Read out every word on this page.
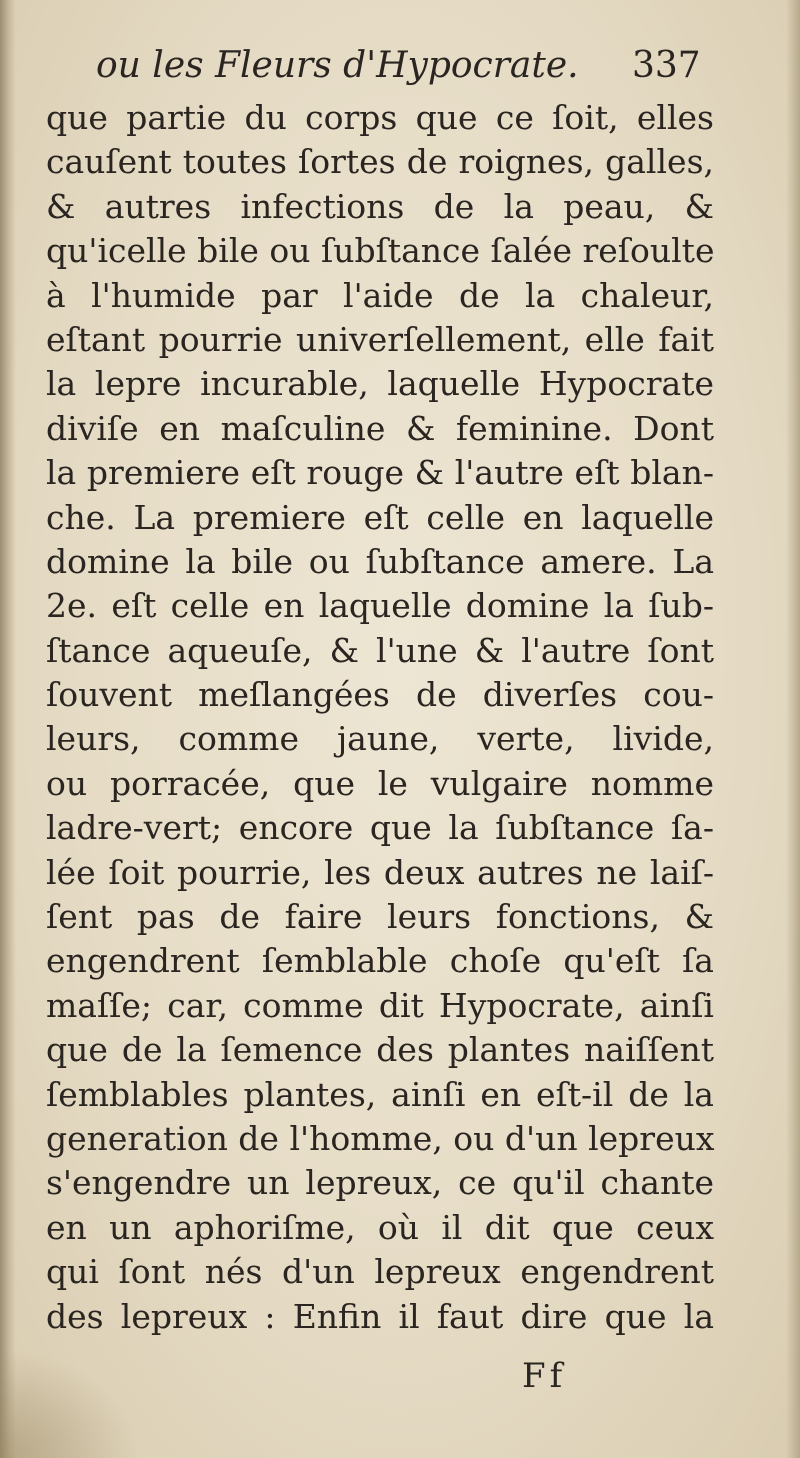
ou les Fleurs d'Hypocrate. 337
que partie du corps que ce ſoit, elles
cauſent toutes ſortes de roignes, galles,
& autres infections de la peau, &
qu'icelle bile ou ſubſtance ſalée reſoulte
à l'humide par l'aide de la chaleur,
eſtant pourrie univerſellement, elle fait
la lepre incurable, laquelle Hypocrate
diviſe en maſculine & feminine. Dont
la premiere eſt rouge & l'autre eſt blan-
che. La premiere eſt celle en laquelle
domine la bile ou ſubſtance amere. La
2e. eſt celle en laquelle domine la ſub-
ſtance aqueuſe, & l'une & l'autre ſont
ſouvent meſlangées de diverſes cou-
leurs, comme jaune, verte, livide,
ou porracée, que le vulgaire nomme
ladre-vert; encore que la ſubſtance ſa-
lée ſoit pourrie, les deux autres ne laiſ-
ſent pas de faire leurs fonctions, &
engendrent ſemblable choſe qu'eſt ſa
maſſe; car, comme dit Hypocrate, ainſi
que de la ſemence des plantes naiſſent
ſemblables plantes, ainſi en eſt-il de la
generation de l'homme, ou d'un lepreux
s'engendre un lepreux, ce qu'il chante
en un aphoriſme, où il dit que ceux
qui ſont nés d'un lepreux engendrent
des lepreux : Enfin il faut dire que la
Ff
